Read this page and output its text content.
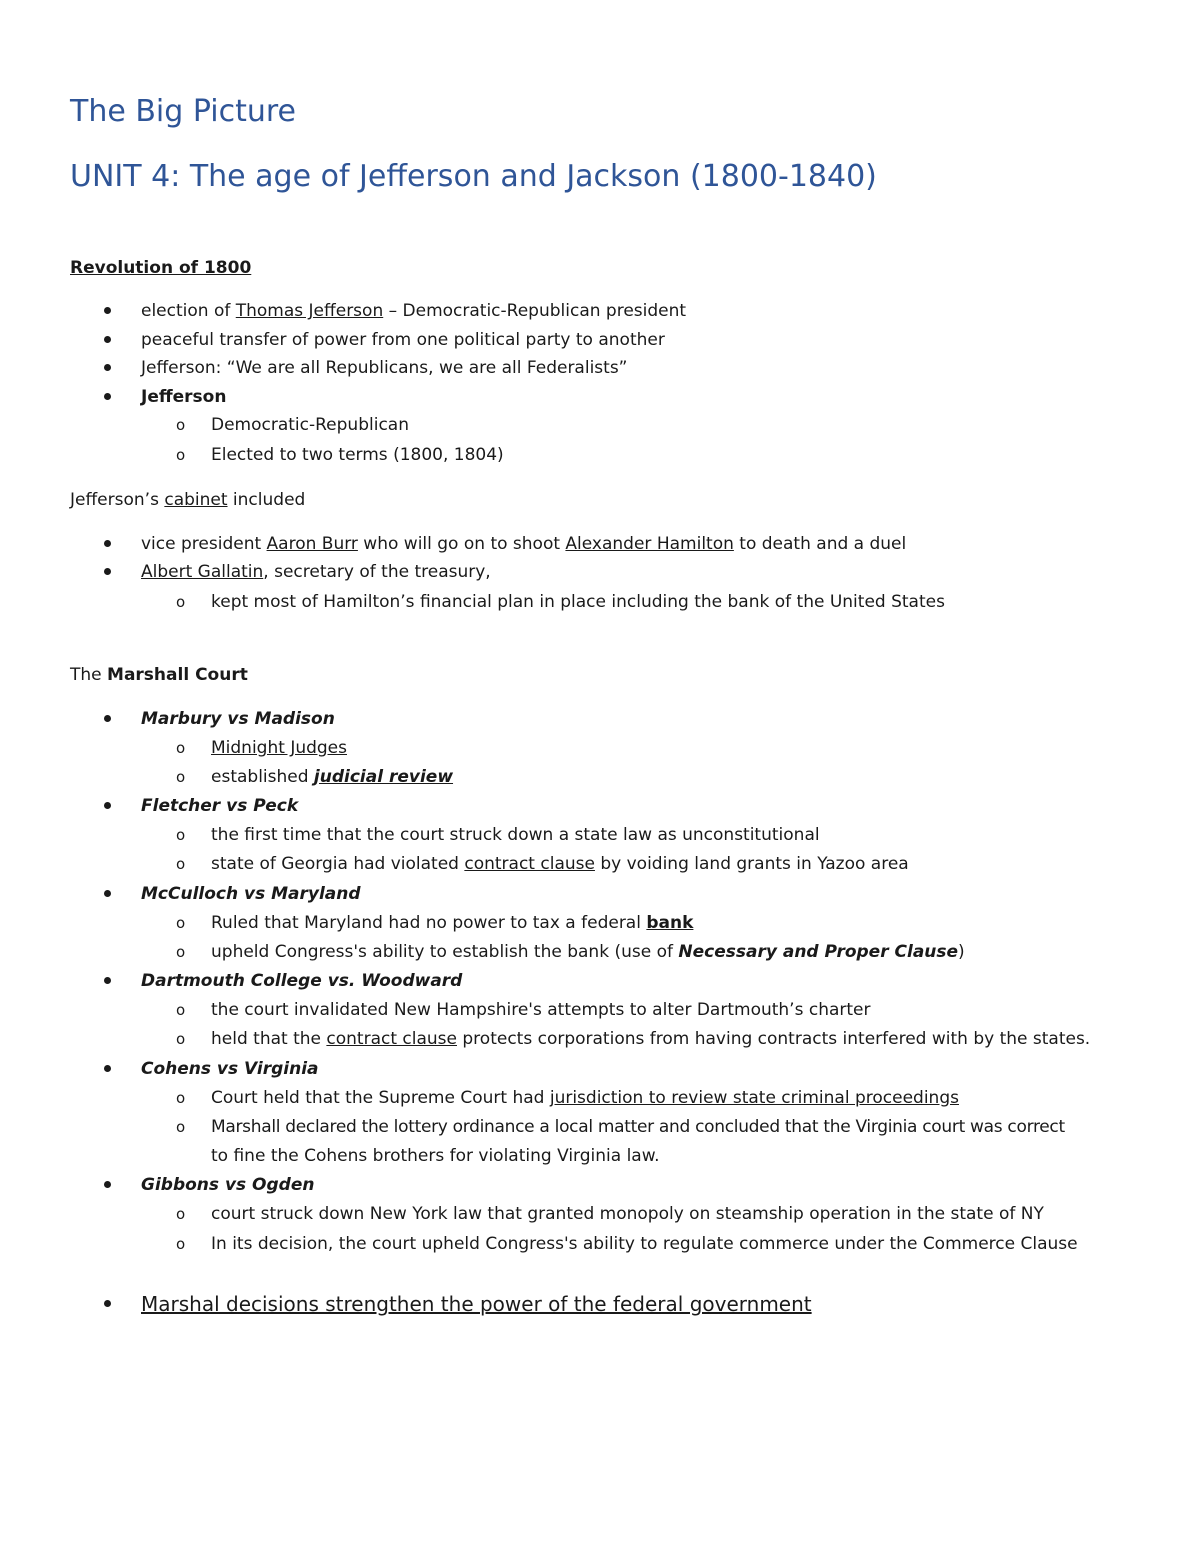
The Big Picture
UNIT 4: The age of Jefferson and Jackson (1800-1840)
Revolution of 1800
election of Thomas Jefferson – Democratic-Republican president
peaceful transfer of power from one political party to another
Jefferson: “We are all Republicans, we are all Federalists”
Jefferson
o Democratic-Republican
o Elected to two terms (1800, 1804)
Jefferson’s cabinet included
vice president Aaron Burr who will go on to shoot Alexander Hamilton to death and a duel
Albert Gallatin, secretary of the treasury,
o kept most of Hamilton’s financial plan in place including the bank of the United States
The Marshall Court
Marbury vs Madison
o Midnight Judges
o established judicial review
Fletcher vs Peck
o the first time that the court struck down a state law as unconstitutional
o state of Georgia had violated contract clause by voiding land grants in Yazoo area
McCulloch vs Maryland
o Ruled that Maryland had no power to tax a federal bank
o upheld Congress's ability to establish the bank (use of Necessary and Proper Clause)
Dartmouth College vs. Woodward
o the court invalidated New Hampshire's attempts to alter Dartmouth’s charter
o held that the contract clause protects corporations from having contracts interfered with by the states.
Cohens vs Virginia
o Court held that the Supreme Court had jurisdiction to review state criminal proceedings
o Marshall declared the lottery ordinance a local matter and concluded that the Virginia court was correct
to fine the Cohens brothers for violating Virginia law.
Gibbons vs Ogden
o court struck down New York law that granted monopoly on steamship operation in the state of NY
o In its decision, the court upheld Congress's ability to regulate commerce under the Commerce Clause
Marshal decisions strengthen the power of the federal government
